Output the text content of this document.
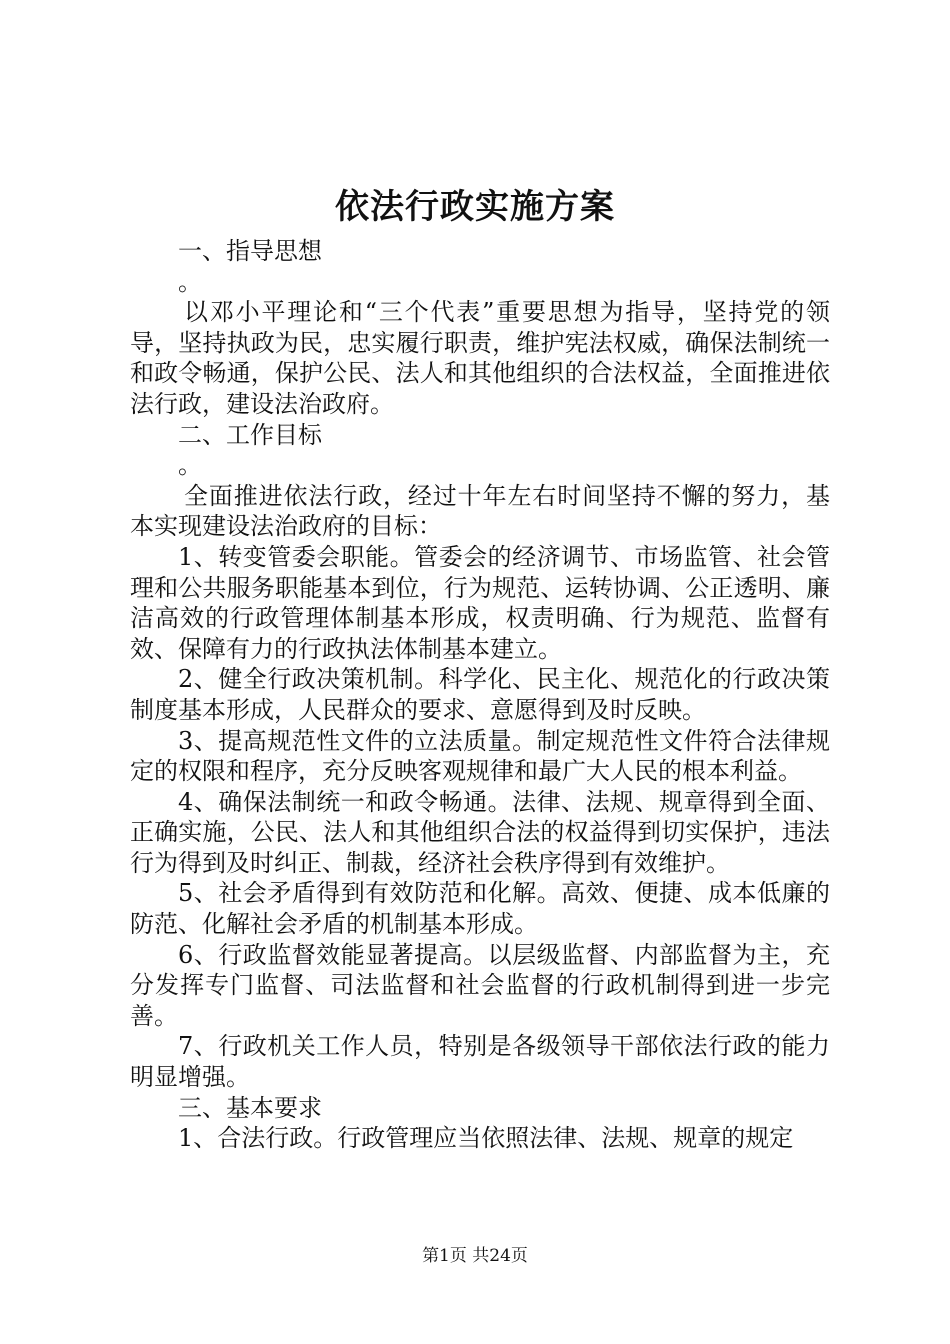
依法行政实施方案

一、指导思想

。

以邓小平理论和“三个代表”重要思想为指导，坚持党的领导，坚持执政为民，忠实履行职责，维护宪法权威，确保法制统一和政令畅通，保护公民、法人和其他组织的合法权益，全面推进依法行政，建设法治政府。

二、工作目标

。

全面推进依法行政，经过十年左右时间坚持不懈的努力，基本实现建设法治政府的目标：

1、转变管委会职能。管委会的经济调节、市场监管、社会管理和公共服务职能基本到位，行为规范、运转协调、公正透明、廉洁高效的行政管理体制基本形成，权责明确、行为规范、监督有效、保障有力的行政执法体制基本建立。

2、健全行政决策机制。科学化、民主化、规范化的行政决策制度基本形成，人民群众的要求、意愿得到及时反映。

3、提高规范性文件的立法质量。制定规范性文件符合法律规定的权限和程序，充分反映客观规律和最广大人民的根本利益。

4、确保法制统一和政令畅通。法律、法规、规章得到全面、正确实施，公民、法人和其他组织合法的权益得到切实保护，违法行为得到及时纠正、制裁，经济社会秩序得到有效维护。

5、社会矛盾得到有效防范和化解。高效、便捷、成本低廉的防范、化解社会矛盾的机制基本形成。

6、行政监督效能显著提高。以层级监督、内部监督为主，充分发挥专门监督、司法监督和社会监督的行政机制得到进一步完善。

7、行政机关工作人员，特别是各级领导干部依法行政的能力明显增强。

三、基本要求

1、合法行政。行政管理应当依照法律、法规、规章的规定

第1页 共24页
